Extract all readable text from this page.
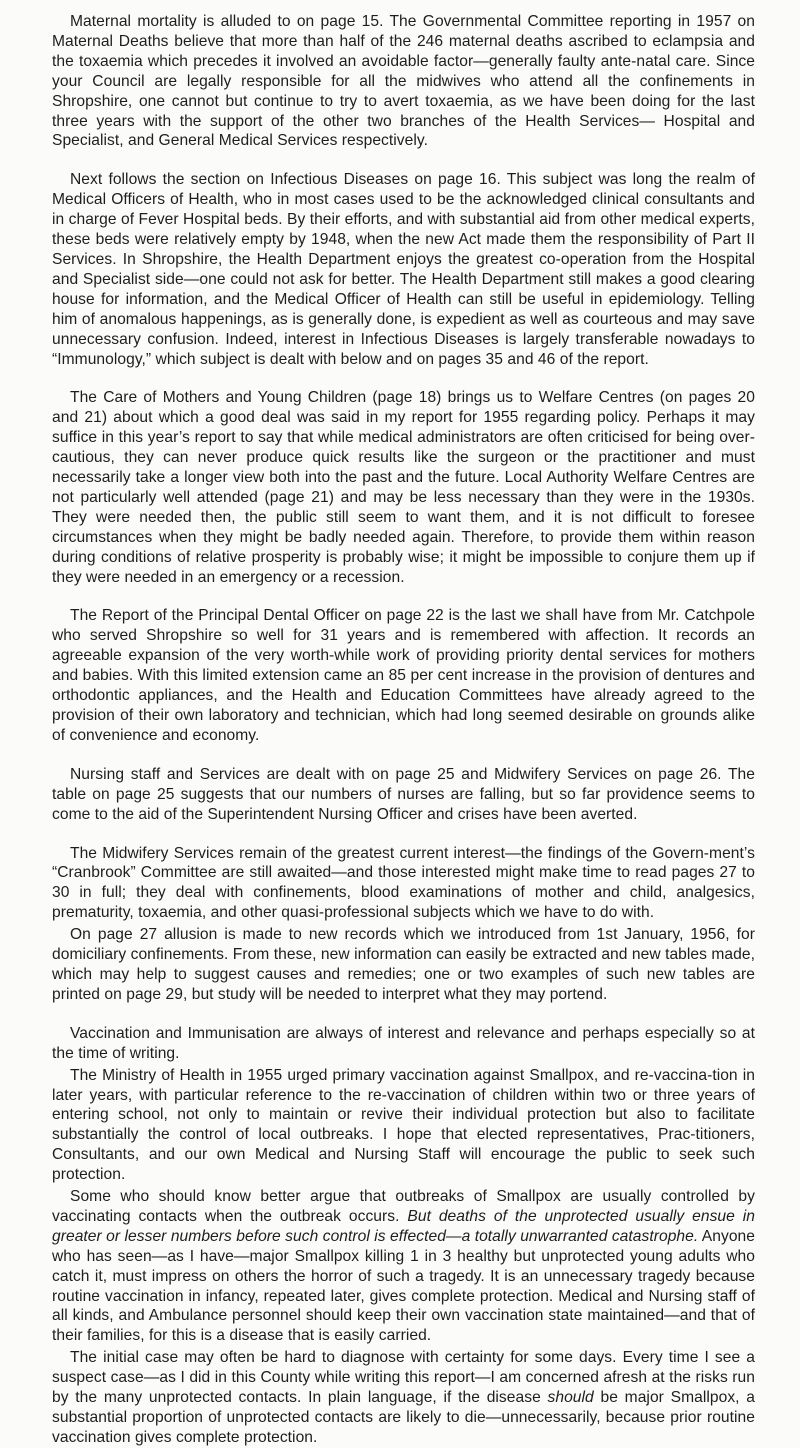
Maternal mortality is alluded to on page 15. The Governmental Committee reporting in 1957 on Maternal Deaths believe that more than half of the 246 maternal deaths ascribed to eclampsia and the toxaemia which precedes it involved an avoidable factor—generally faulty ante-natal care. Since your Council are legally responsible for all the midwives who attend all the confinements in Shropshire, one cannot but continue to try to avert toxaemia, as we have been doing for the last three years with the support of the other two branches of the Health Services— Hospital and Specialist, and General Medical Services respectively.

Next follows the section on Infectious Diseases on page 16. This subject was long the realm of Medical Officers of Health, who in most cases used to be the acknowledged clinical consultants and in charge of Fever Hospital beds. By their efforts, and with substantial aid from other medical experts, these beds were relatively empty by 1948, when the new Act made them the responsibility of Part II Services. In Shropshire, the Health Department enjoys the greatest co-operation from the Hospital and Specialist side—one could not ask for better. The Health Department still makes a good clearing house for information, and the Medical Officer of Health can still be useful in epidemiology. Telling him of anomalous happenings, as is generally done, is expedient as well as courteous and may save unnecessary confusion. Indeed, interest in Infectious Diseases is largely transferable nowadays to “Immunology,” which subject is dealt with below and on pages 35 and 46 of the report.

The Care of Mothers and Young Children (page 18) brings us to Welfare Centres (on pages 20 and 21) about which a good deal was said in my report for 1955 regarding policy. Perhaps it may suffice in this year’s report to say that while medical administrators are often criticised for being over-cautious, they can never produce quick results like the surgeon or the practitioner and must necessarily take a longer view both into the past and the future. Local Authority Welfare Centres are not particularly well attended (page 21) and may be less necessary than they were in the 1930s. They were needed then, the public still seem to want them, and it is not difficult to foresee circumstances when they might be badly needed again. Therefore, to provide them within reason during conditions of relative prosperity is probably wise; it might be impossible to conjure them up if they were needed in an emergency or a recession.

The Report of the Principal Dental Officer on page 22 is the last we shall have from Mr. Catchpole who served Shropshire so well for 31 years and is remembered with affection. It records an agreeable expansion of the very worth-while work of providing priority dental services for mothers and babies. With this limited extension came an 85 per cent increase in the provision of dentures and orthodontic appliances, and the Health and Education Committees have already agreed to the provision of their own laboratory and technician, which had long seemed desirable on grounds alike of convenience and economy.

Nursing staff and Services are dealt with on page 25 and Midwifery Services on page 26. The table on page 25 suggests that our numbers of nurses are falling, but so far providence seems to come to the aid of the Superintendent Nursing Officer and crises have been averted.

The Midwifery Services remain of the greatest current interest—the findings of the Govern-ment’s “Cranbrook” Committee are still awaited—and those interested might make time to read pages 27 to 30 in full; they deal with confinements, blood examinations of mother and child, analgesics, prematurity, toxaemia, and other quasi-professional subjects which we have to do with.

On page 27 allusion is made to new records which we introduced from 1st January, 1956, for domiciliary confinements. From these, new information can easily be extracted and new tables made, which may help to suggest causes and remedies; one or two examples of such new tables are printed on page 29, but study will be needed to interpret what they may portend.

Vaccination and Immunisation are always of interest and relevance and perhaps especially so at the time of writing.

The Ministry of Health in 1955 urged primary vaccination against Smallpox, and re-vaccina-tion in later years, with particular reference to the re-vaccination of children within two or three years of entering school, not only to maintain or revive their individual protection but also to facilitate substantially the control of local outbreaks. I hope that elected representatives, Prac-titioners, Consultants, and our own Medical and Nursing Staff will encourage the public to seek such protection.

Some who should know better argue that outbreaks of Smallpox are usually controlled by vaccinating contacts when the outbreak occurs. But deaths of the unprotected usually ensue in greater or lesser numbers before such control is effected—a totally unwarranted catastrophe. Anyone who has seen—as I have—major Smallpox killing 1 in 3 healthy but unprotected young adults who catch it, must impress on others the horror of such a tragedy. It is an unnecessary tragedy because routine vaccination in infancy, repeated later, gives complete protection. Medical and Nursing staff of all kinds, and Ambulance personnel should keep their own vaccination state maintained—and that of their families, for this is a disease that is easily carried.

The initial case may often be hard to diagnose with certainty for some days. Every time I see a suspect case—as I did in this County while writing this report—I am concerned afresh at the risks run by the many unprotected contacts. In plain language, if the disease should be major Smallpox, a substantial proportion of unprotected contacts are likely to die—unnecessarily, because prior routine vaccination gives complete protection.
